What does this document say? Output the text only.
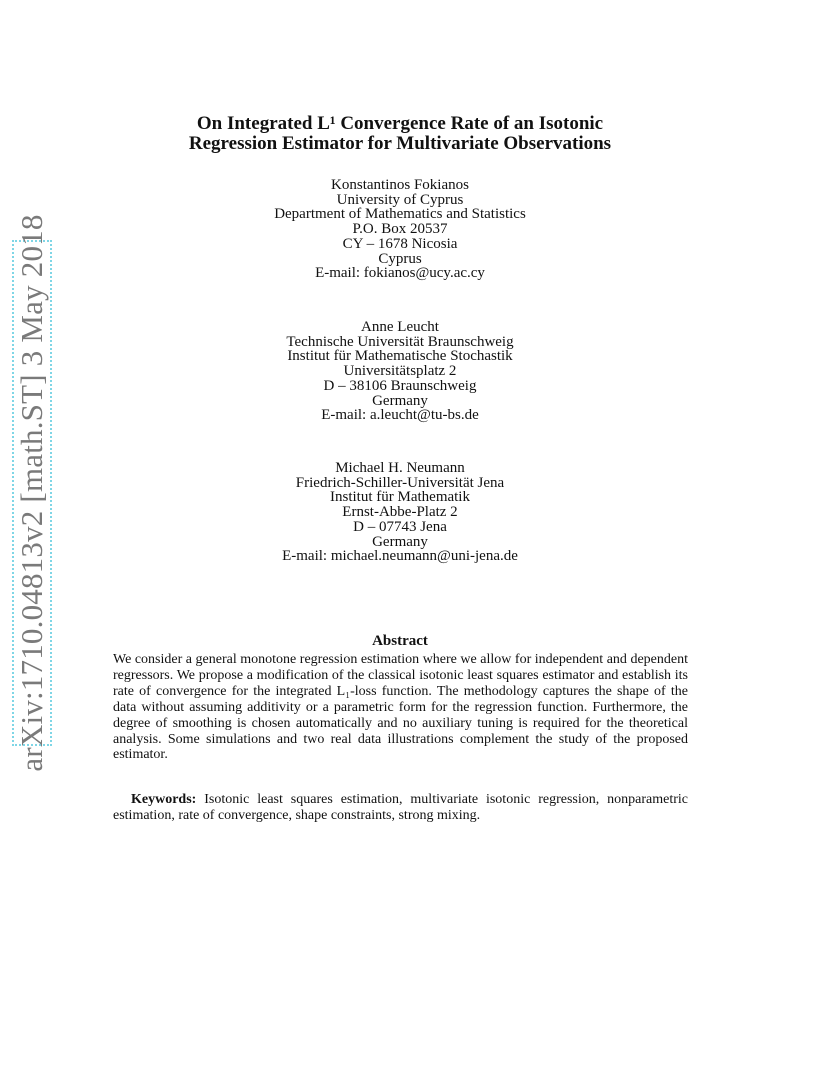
arXiv:1710.04813v2 [math.ST] 3 May 2018
On Integrated L¹ Convergence Rate of an Isotonic
Regression Estimator for Multivariate Observations
Konstantinos Fokianos
University of Cyprus
Department of Mathematics and Statistics
P.O. Box 20537
CY – 1678 Nicosia
Cyprus
E-mail: fokianos@ucy.ac.cy
Anne Leucht
Technische Universität Braunschweig
Institut für Mathematische Stochastik
Universitätsplatz 2
D – 38106 Braunschweig
Germany
E-mail: a.leucht@tu-bs.de
Michael H. Neumann
Friedrich-Schiller-Universität Jena
Institut für Mathematik
Ernst-Abbe-Platz 2
D – 07743 Jena
Germany
E-mail: michael.neumann@uni-jena.de
Abstract
We consider a general monotone regression estimation where we allow for independent and dependent regressors. We propose a modification of the classical isotonic least squares estimator and establish its rate of convergence for the integrated L₁-loss function. The methodology captures the shape of the data without assuming additivity or a parametric form for the regression function. Furthermore, the degree of smoothing is chosen automatically and no auxiliary tuning is required for the theoretical analysis. Some simulations and two real data illustrations complement the study of the proposed estimator.
Keywords: Isotonic least squares estimation, multivariate isotonic regression, nonparametric estimation, rate of convergence, shape constraints, strong mixing.
